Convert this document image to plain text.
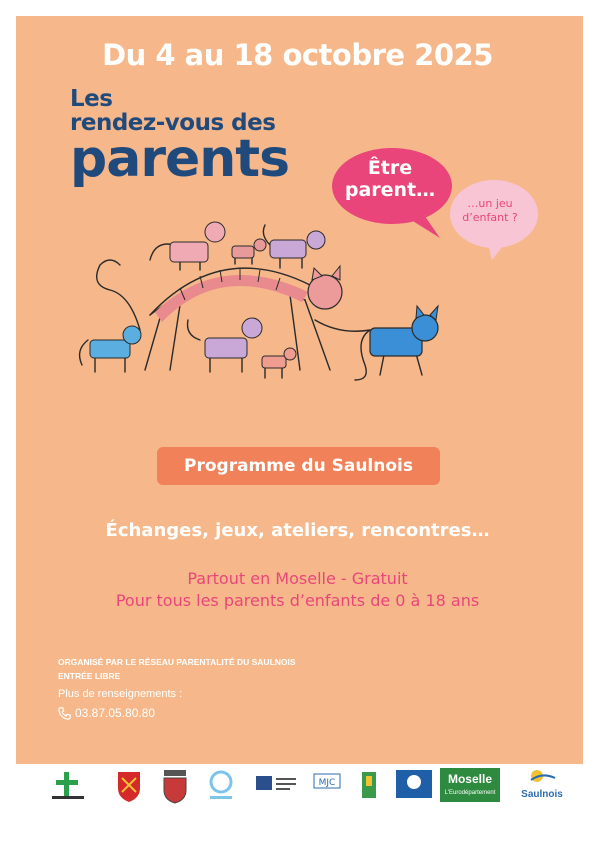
Du 4 au 18 octobre 2025
Les
rendez-vous des
parents	Être parent…
…un jeu d’enfant ?
Programme du Saulnois
Échanges, jeux, ateliers, rencontres…
Partout en Moselle - Gratuit
Pour tous les parents d’enfants de 0 à 18 ans
ORGANISÉ PAR LE RÉSEAU PARENTALITÉ DU SAULNOIS
ENTRÉE LIBRE
Plus de renseignements :
03.87.05.80.80
MJC	Moselle
L'Eurodépartement	Saulnois
